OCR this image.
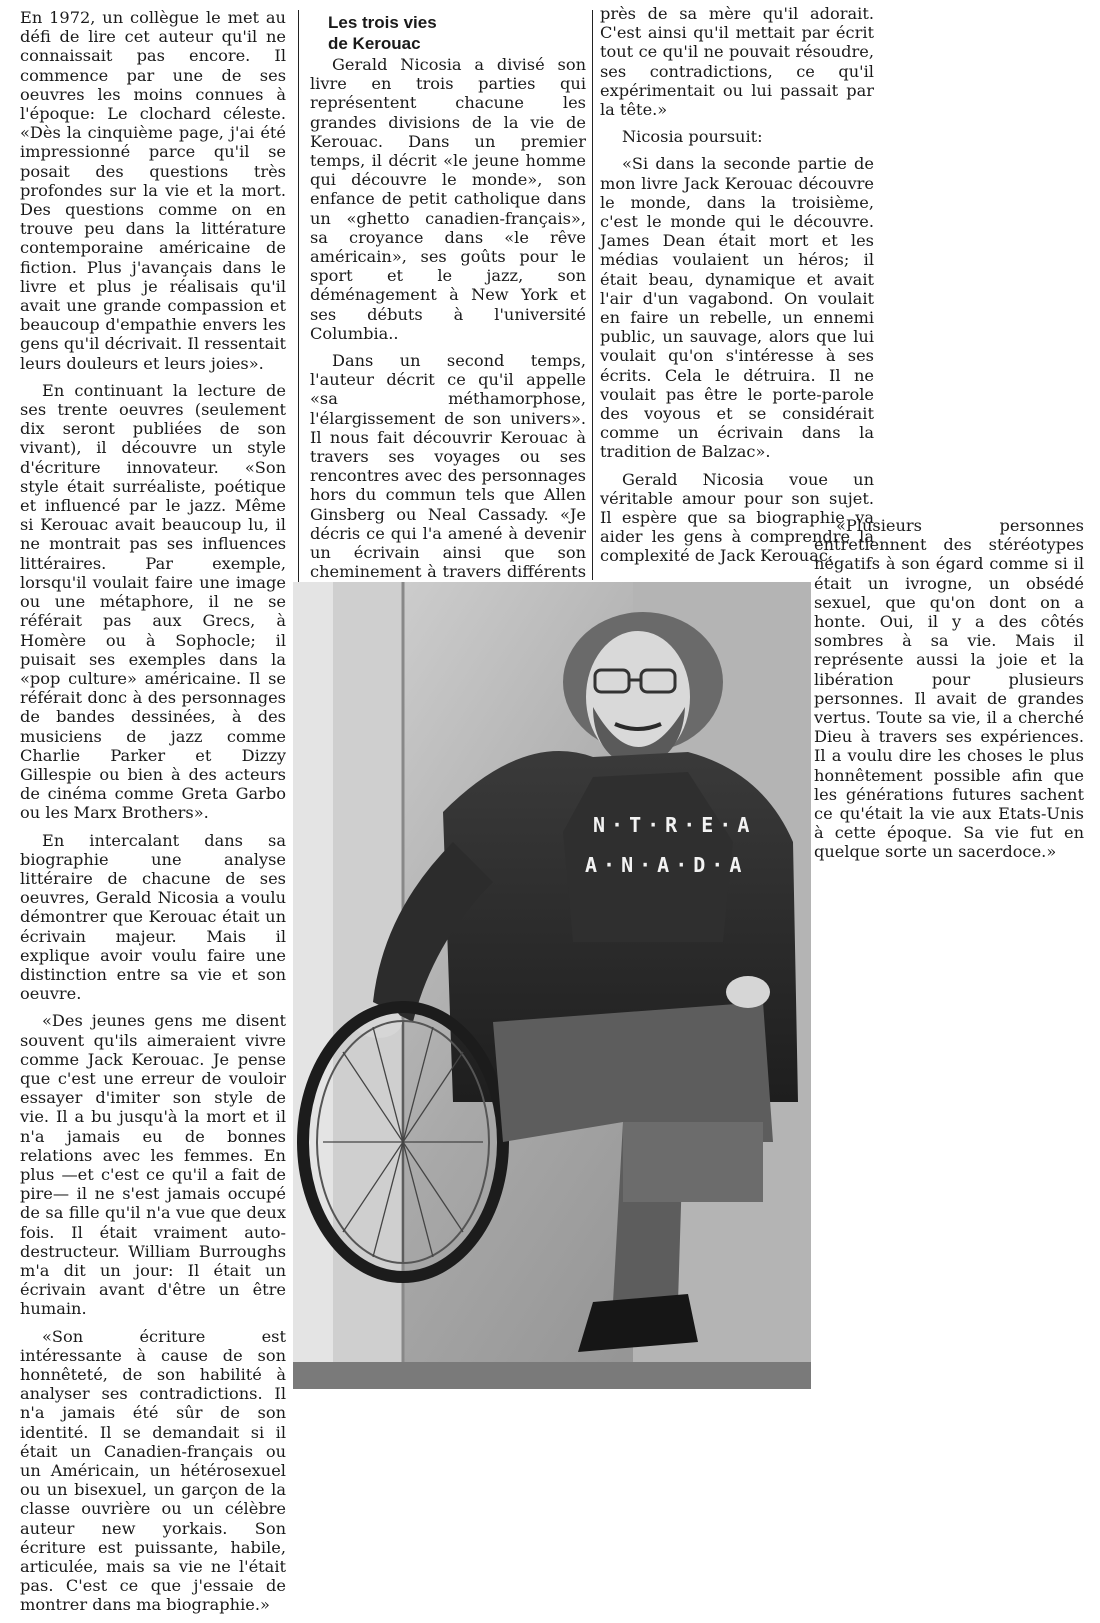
En 1972, un collègue le met au défi de lire cet auteur qu'il ne connaissait pas encore. Il commence par une de ses oeuvres les moins connues à l'époque: Le clochard céleste. «Dès la cinquième page, j'ai été impressionné parce qu'il se posait des questions très profondes sur la vie et la mort. Des questions comme on en trouve peu dans la littérature contemporaine américaine de fiction. Plus j'avançais dans le livre et plus je réalisais qu'il avait une grande compassion et beaucoup d'empathie envers les gens qu'il décrivait. Il ressentait leurs douleurs et leurs joies».

En continuant la lecture de ses trente oeuvres (seulement dix seront publiées de son vivant), il découvre un style d'écriture innovateur. «Son style était surréaliste, poétique et influencé par le jazz. Même si Kerouac avait beaucoup lu, il ne montrait pas ses influences littéraires. Par exemple, lorsqu'il voulait faire une image ou une métaphore, il ne se référait pas aux Grecs, à Homère ou à Sophocle; il puisait ses exemples dans la «pop culture» américaine. Il se référait donc à des personnages de bandes dessinées, à des musiciens de jazz comme Charlie Parker et Dizzy Gillespie ou bien à des acteurs de cinéma comme Greta Garbo ou les Marx Brothers».

En intercalant dans sa biographie une analyse littéraire de chacune de ses oeuvres, Gerald Nicosia a voulu démontrer que Kerouac était un écrivain majeur. Mais il explique avoir voulu faire une distinction entre sa vie et son oeuvre.

«Des jeunes gens me disent souvent qu'ils aimeraient vivre comme Jack Kerouac. Je pense que c'est une erreur de vouloir essayer d'imiter son style de vie. Il a bu jusqu'à la mort et il n'a jamais eu de bonnes relations avec les femmes. En plus —et c'est ce qu'il a fait de pire— il ne s'est jamais occupé de sa fille qu'il n'a vue que deux fois. Il était vraiment auto-destructeur. William Burroughs m'a dit un jour: Il était un écrivain avant d'être un être humain.

«Son écriture est intéressante à cause de son honnêteté, de son habilité à analyser ses contradictions. Il n'a jamais été sûr de son identité. Il se demandait si il était un Canadien-français ou un Américain, un hétérosexuel ou un bisexuel, un garçon de la classe ouvrière ou un célèbre auteur new yorkais. Son écriture est puissante, habile, articulée, mais sa vie ne l'était pas. C'est ce que j'essaie de montrer dans ma biographie.»

Les trois vies
de Kerouac

Gerald Nicosia a divisé son livre en trois parties qui représentent chacune les grandes divisions de la vie de Kerouac. Dans un premier temps, il décrit «le jeune homme qui découvre le monde», son enfance de petit catholique dans un «ghetto canadien-français», sa croyance dans «le rêve américain», ses goûts pour le sport et le jazz, son déménagement à New York et ses débuts à l'université Columbia..

Dans un second temps, l'auteur décrit ce qu'il appelle «sa méthamorphose, l'élargissement de son univers». Il nous fait découvrir Kerouac à travers ses voyages ou ses rencontres avec des personnages hors du commun tels que Allen Ginsberg ou Neal Cassady. «Je décris ce qui l'a amené à devenir un écrivain ainsi que son cheminement à travers différents

près de sa mère qu'il adorait. C'est ainsi qu'il mettait par écrit tout ce qu'il ne pouvait résoudre, ses contradictions, ce qu'il expérimentait ou lui passait par la tête.»

Nicosia poursuit:

«Si dans la seconde partie de mon livre Jack Kerouac découvre le monde, dans la troisième, c'est le monde qui le découvre. James Dean était mort et les médias voulaient un héros; il était beau, dynamique et avait l'air d'un vagabond. On voulait en faire un rebelle, un ennemi public, un sauvage, alors que lui voulait qu'on s'intéresse à ses écrits. Cela le détruira. Il ne voulait pas être le porte-parole des voyous et se considérait comme un écrivain dans la tradition de Balzac».

Gerald Nicosia voue un véritable amour pour son sujet. Il espère que sa biographie va aider les gens à comprendre la complexité de Jack Kerouac.

«Plusieurs personnes entretiennent des stéréotypes négatifs à son égard comme si il était un ivrogne, un obsédé sexuel, que qu'on dont on a honte. Oui, il y a des côtés sombres à sa vie. Mais il représente aussi la joie et la libération pour plusieurs personnes. Il avait de grandes vertus. Toute sa vie, il a cherché Dieu à travers ses expériences. Il a voulu dire les choses le plus honnêtement possible afin que les générations futures sachent ce qu'était la vie aux Etats-Unis à cette époque. Sa vie fut en quelque sorte un sacerdoce.»

N·T·R·E·A
A·N·A·D·A
